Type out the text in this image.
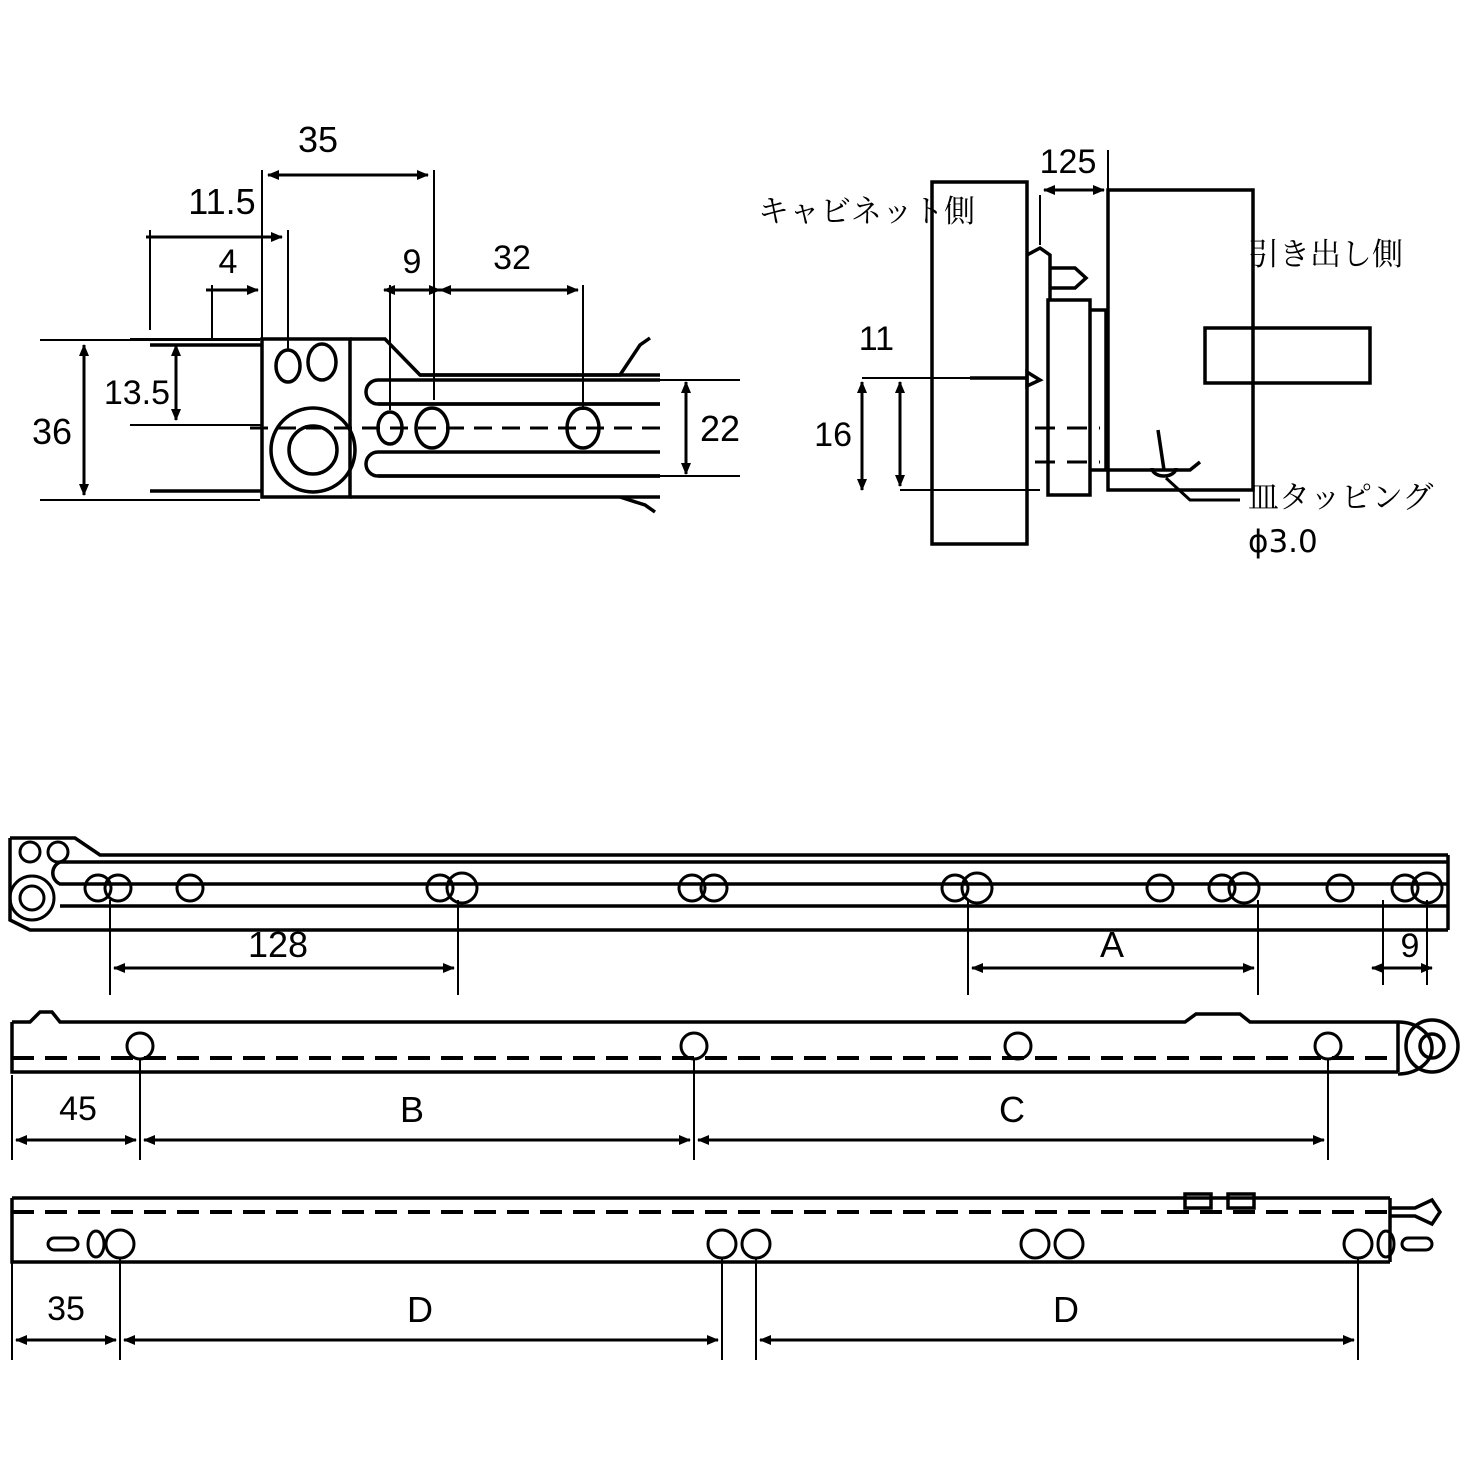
35
11.5
4	9 32
13.5
36	22
125
11
16
キャビネット側
引き出し側
皿タッピング
ϕ3.0
128	A	9
45	B	C
35	D	D
